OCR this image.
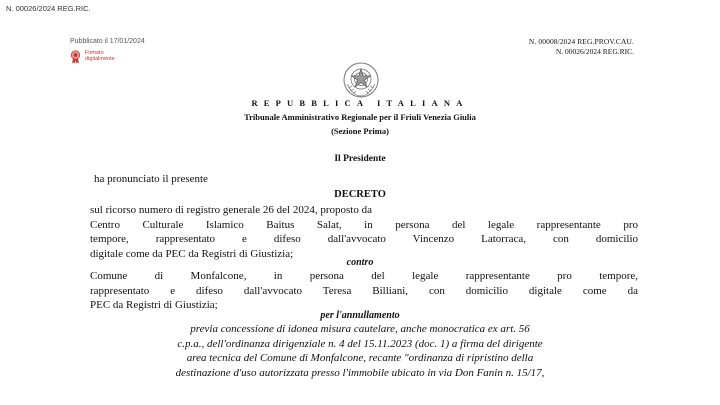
N. 00026/2024 REG.RIC.
Pubblicato il 17/01/2024
Firmato
digitalmente
N. 00008/2024 REG.PROV.CAU.
N. 00026/2024 REG.RIC.
REPUBBLICA ITALIANA
Tribunale Amministrativo Regionale per il Friuli Venezia Giulia
(Sezione Prima)
Il Presidente
ha pronunciato il presente
DECRETO
sul ricorso numero di registro generale 26 del 2024, proposto da
Centro Culturale Islamico Baitus Salat, in persona del legale rappresentante pro
tempore, rappresentato e difeso dall'avvocato Vincenzo Latorraca, con domicilio
digitale come da PEC da Registri di Giustizia;
contro
Comune di Monfalcone, in persona del legale rappresentante pro tempore,
rappresentato e difeso dall'avvocato Teresa Billiani, con domicilio digitale come da
PEC da Registri di Giustizia;
per l'annullamento
previa concessione di idonea misura cautelare, anche monocratica ex art. 56
c.p.a., dell'ordinanza dirigenziale n. 4 del 15.11.2023 (doc. 1) a firma del dirigente
area tecnica del Comune di Monfalcone, recante "ordinanza di ripristino della
destinazione d'uso autorizzata presso l'immobile ubicato in via Don Fanin n. 15/17,
